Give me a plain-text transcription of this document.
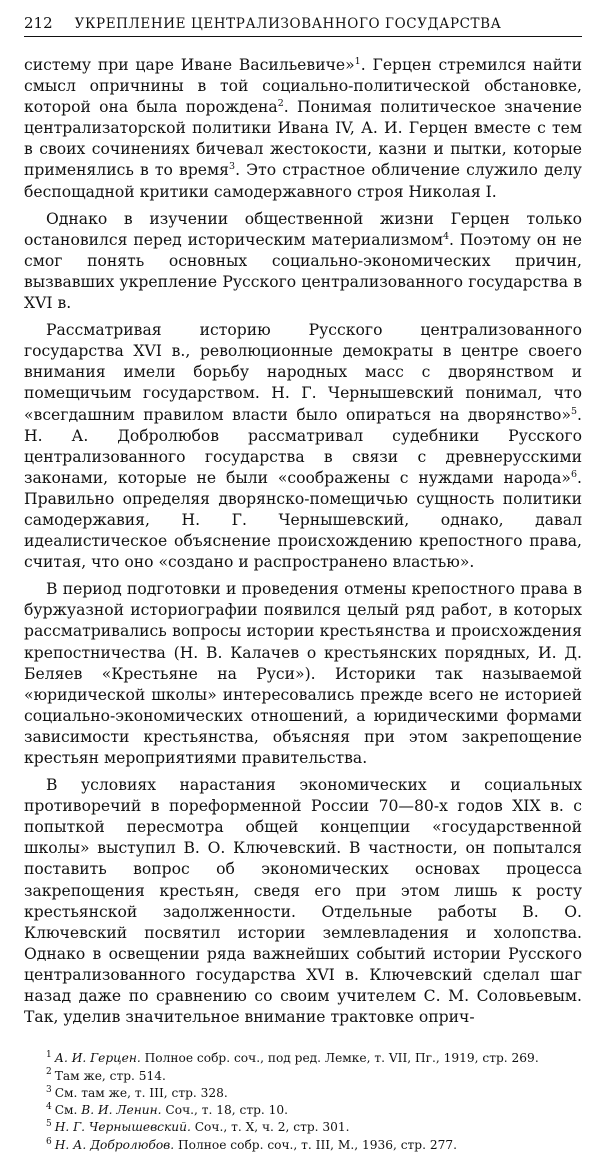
212 УКРЕПЛЕНИЕ ЦЕНТРАЛИЗОВАННОГО ГОСУДАРСТВА

систему при царе Иване Васильевиче»$^1$. Герцен стремился найти смысл опричнины в той социально-политической обстановке, которой она была порождена$^2$. Понимая политическое значение централизаторской политики Ивана IV, А. И. Герцен вместе с тем в своих сочинениях бичевал жестокости, казни и пытки, которые применялись в то время$^3$. Это страстное обличение служило делу беспощадной критики самодержавного строя Николая I.

Однако в изучении общественной жизни Герцен только остановился перед историческим материализмом$^4$. Поэтому он не смог понять основных социально-экономических причин, вызвавших укрепление Русского централизованного государства в XVI в.

Рассматривая историю Русского централизованного государства XVI в., революционные демократы в центре своего внимания имели борьбу народных масс с дворянством и помещичьим государством. Н. Г. Чернышевский понимал, что «всегдашним правилом власти было опираться на дворянство»$^5$. Н. А. Добролюбов рассматривал судебники Русского централизованного государства в связи с древнерусскими законами, которые не были «соображены с нуждами народа»$^6$. Правильно определяя дворянско-помещичью сущность политики самодержавия, Н. Г. Чернышевский, однако, давал идеалистическое объяснение происхождению крепостного права, считая, что оно «создано и распространено властью».

В период подготовки и проведения отмены крепостного права в буржуазной историографии появился целый ряд работ, в которых рассматривались вопросы истории крестьянства и происхождения крепостничества (Н. В. Калачев о крестьянских порядных, И. Д. Беляев «Крестьяне на Руси»). Историки так называемой «юридической школы» интересовались прежде всего не историей социально-экономических отношений, а юридическими формами зависимости крестьянства, объясняя при этом закрепощение крестьян мероприятиями правительства.

В условиях нарастания экономических и социальных противоречий в пореформенной России 70—80-х годов XIX в. с попыткой пересмотра общей концепции «государственной школы» выступил В. О. Ключевский. В частности, он попытался поставить вопрос об экономических основах процесса закрепощения крестьян, сведя его при этом лишь к росту крестьянской задолженности. Отдельные работы В. О. Ключевский посвятил истории землевладения и холопства. Однако в освещении ряда важнейших событий истории Русского централизованного государства XVI в. Ключевский сделал шаг назад даже по сравнению со своим учителем С. М. Соловьевым. Так, уделив значительное внимание трактовке оприч-

$^1$ А. И. Герцен. Полное собр. соч., под ред. Лемке, т. VII, Пг., 1919, стр. 269.
$^2$ Там же, стр. 514.
$^3$ См. там же, т. III, стр. 328.
$^4$ См. В. И. Ленин. Соч., т. 18, стр. 10.
$^5$ Н. Г. Чернышевский. Соч., т. X, ч. 2, стр. 301.
$^6$ Н. А. Добролюбов. Полное собр. соч., т. III, М., 1936, стр. 277.
